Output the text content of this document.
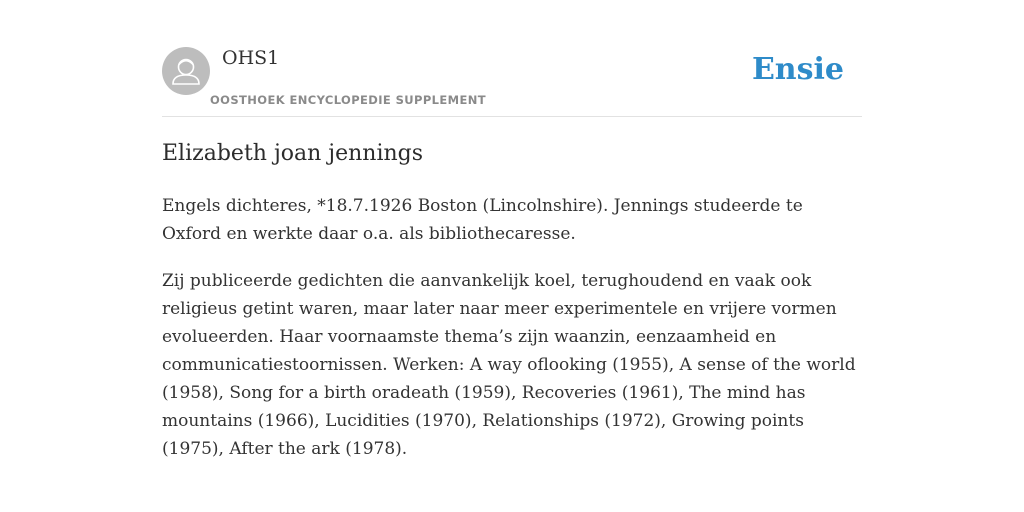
OHS1
OOSTHOEK ENCYCLOPEDIE SUPPLEMENT
Ensie
Elizabeth joan jennings

Engels dichteres, *18.7.1926 Boston (Lincolnshire). Jennings studeerde te Oxford en werkte daar o.a. als bibliothecaresse.

Zij publiceerde gedichten die aanvankelijk koel, terughoudend en vaak ook religieus getint waren, maar later naar meer experimentele en vrijere vormen evolueerden. Haar voornaamste thema’s zijn waanzin, eenzaamheid en communicatiestoornissen. Werken: A way oflooking (1955), A sense of the world (1958), Song for a birth oradeath (1959), Recoveries (1961), The mind has mountains (1966), Lucidities (1970), Relationships (1972), Growing points (1975), After the ark (1978).
